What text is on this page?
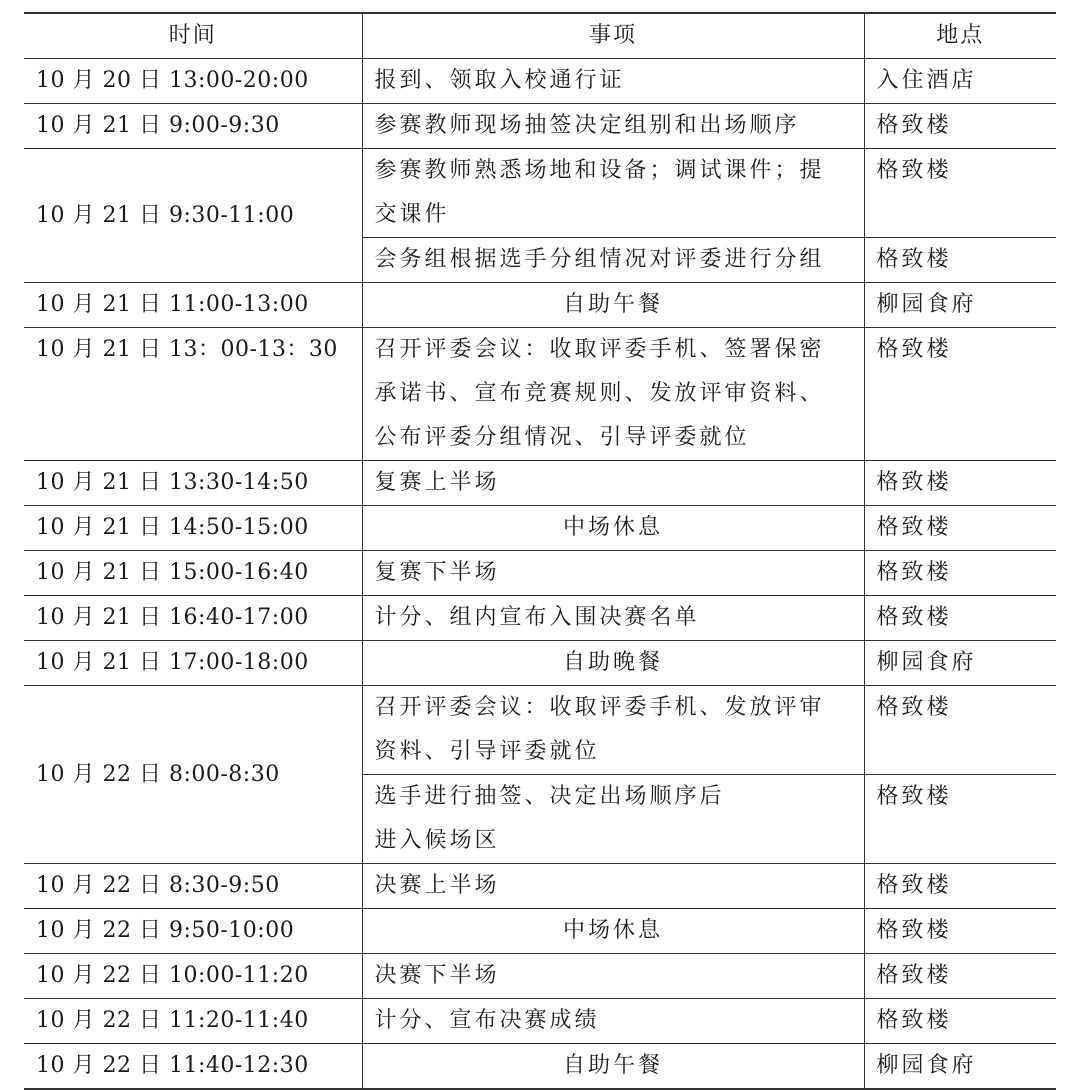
时间	事项	地点
10 月 20 日 13:00-20:00	报到、领取入校通行证	入住酒店
10 月 21 日 9:00-9:30	参赛教师现场抽签决定组别和出场顺序	格致楼
10 月 21 日 9:30-11:00	参赛教师熟悉场地和设备；调试课件；提
交课件	格致楼

	会务组根据选手分组情况对评委进行分组	格致楼
10 月 21 日 11:00-13:00	自助午餐	柳园食府
10 月 21 日 13：00-13：30	召开评委会议：收取评委手机、签署保密
承诺书、宣布竞赛规则、发放评审资料、
公布评委分组情况、引导评委就位	格致楼
10 月 21 日 13:30-14:50	复赛上半场	格致楼
10 月 21 日 14:50-15:00	中场休息	格致楼
10 月 21 日 15:00-16:40	复赛下半场	格致楼
10 月 21 日 16:40-17:00	计分、组内宣布入围决赛名单	格致楼
10 月 21 日 17:00-18:00	自助晚餐	柳园食府
10 月 22 日 8:00-8:30	召开评委会议：收取评委手机、发放评审
资料、引导评委就位	格致楼

	选手进行抽签、决定出场顺序后
进入候场区	格致楼
10 月 22 日 8:30-9:50	决赛上半场	格致楼
10 月 22 日 9:50-10:00	中场休息	格致楼
10 月 22 日 10:00-11:20	决赛下半场	格致楼
10 月 22 日 11:20-11:40	计分、宣布决赛成绩	格致楼
10 月 22 日 11:40-12:30	自助午餐	柳园食府
